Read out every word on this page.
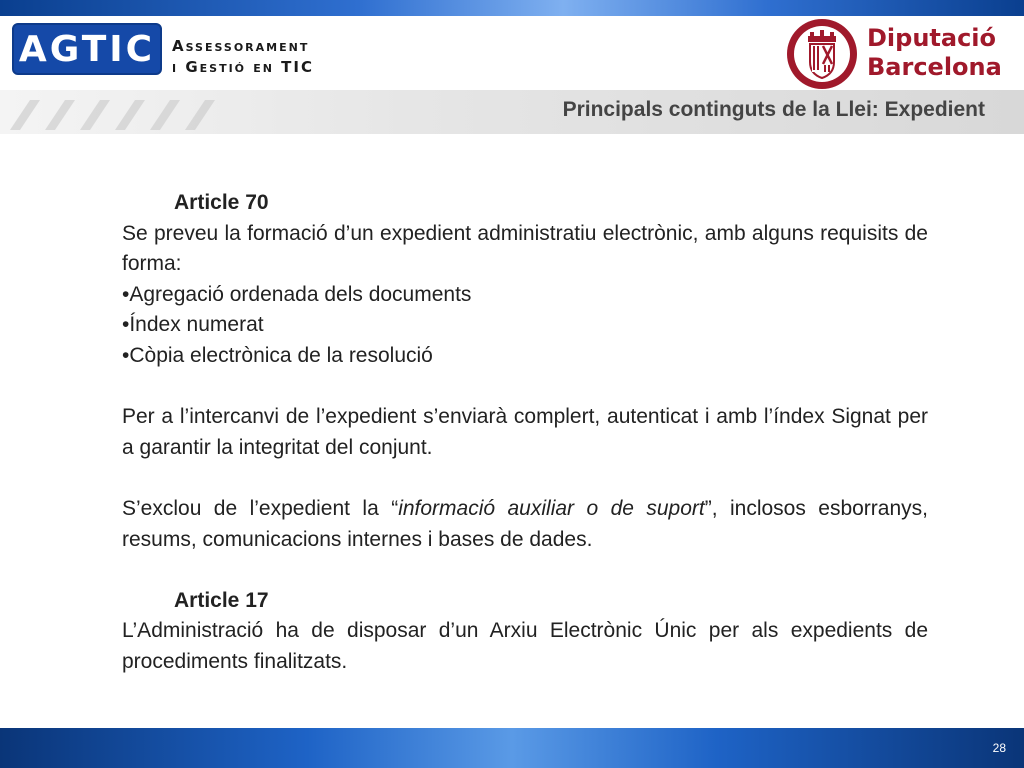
AGTIC Assessorament
i Gestió en TIC
Diputació
Barcelona
Principals continguts de la Llei: Expedient

Article 70

Se preveu la formació d’un expedient administratiu electrònic, amb alguns requisits de forma:

•Agregació ordenada dels documents

•Índex numerat

•Còpia electrònica de la resolució

Per a l’intercanvi de l’expedient s’enviarà complert, autenticat i amb l’índex Signat per a garantir la integritat del conjunt.

S’exclou de l’expedient la “informació auxiliar o de suport”, inclosos esborranys, resums, comunicacions internes i bases de dades.

Article 17

L’Administració ha de disposar d’un Arxiu Electrònic Únic per als expedients de procediments finalitzats.

28
